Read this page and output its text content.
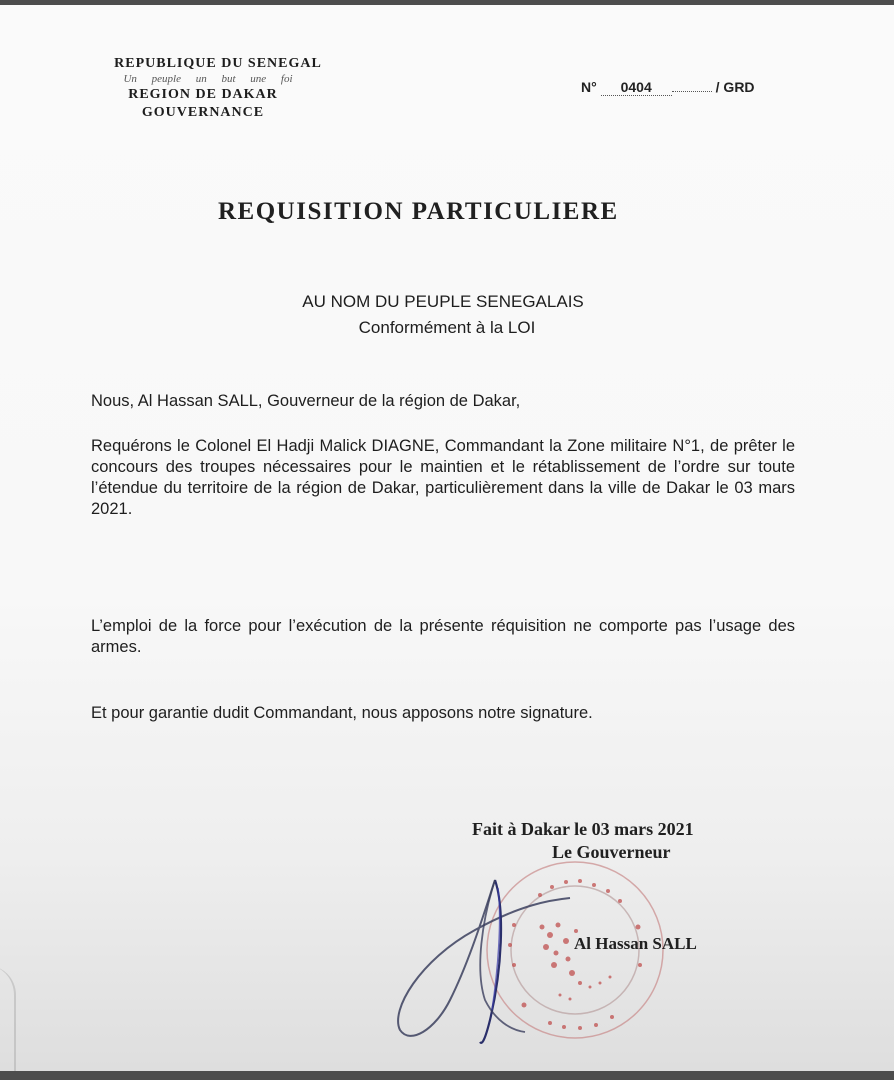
REPUBLIQUE DU SENEGAL
Un peuple un but une foi
REGION DE DAKAR
GOUVERNANCE
N° 0404	/ GRD
REQUISITION PARTICULIERE
AU NOM DU PEUPLE SENEGALAIS
Conformément à la LOI
Nous, Al Hassan SALL, Gouverneur de la région de Dakar,
Requérons le Colonel El Hadji Malick DIAGNE, Commandant la Zone militaire N°1, de prêter le concours des troupes nécessaires pour le maintien et le rétablissement de l’ordre sur toute l’étendue du territoire de la région de Dakar, particulièrement dans la ville de Dakar le 03 mars 2021.
L’emploi de la force pour l’exécution de la présente réquisition ne comporte pas l’usage des armes.
Et pour garantie dudit Commandant, nous apposons notre signature.
Fait à Dakar le 03 mars 2021
Le Gouverneur
Al Hassan SALL
